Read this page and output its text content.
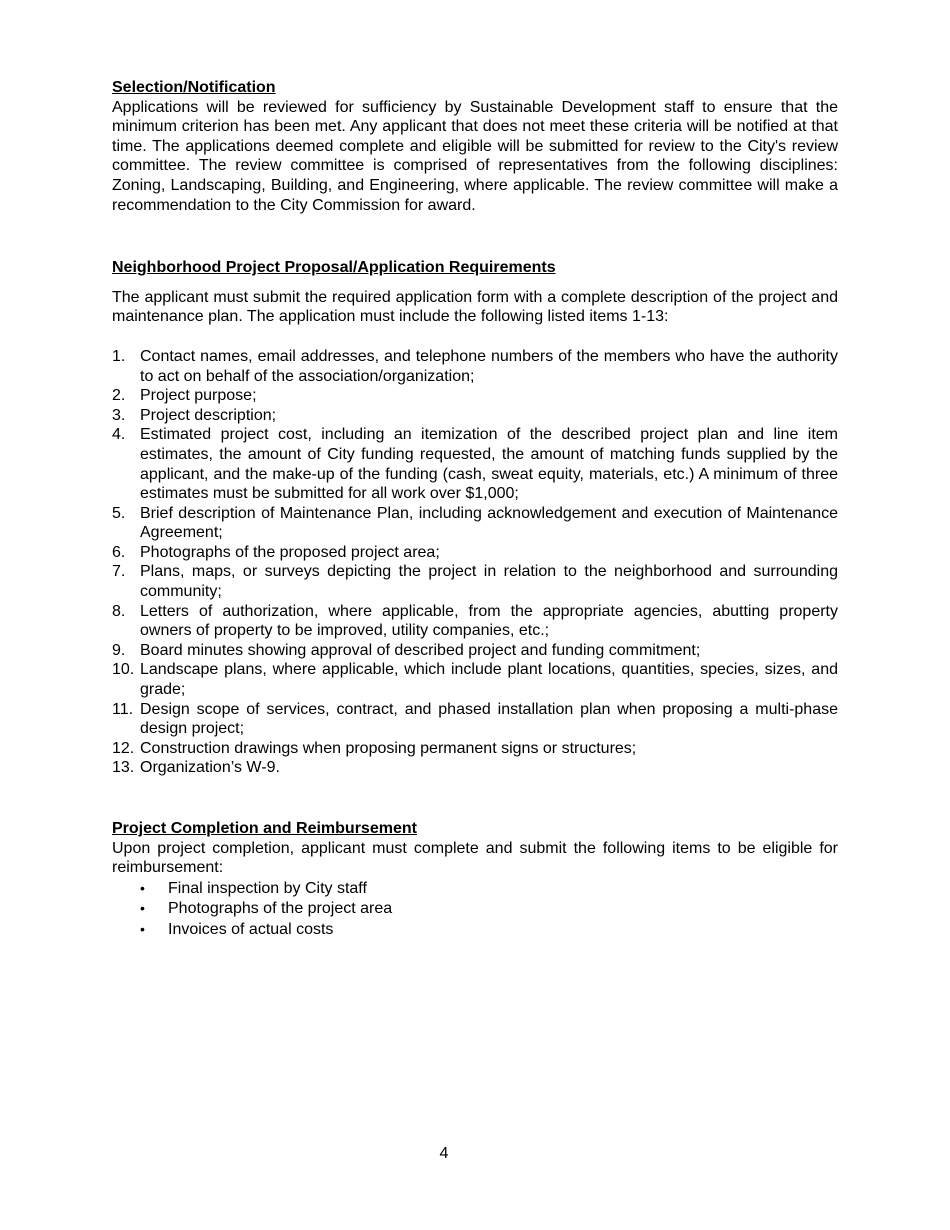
Selection/Notification

Applications will be reviewed for sufficiency by Sustainable Development staff to ensure that the minimum criterion has been met. Any applicant that does not meet these criteria will be notified at that time. The applications deemed complete and eligible will be submitted for review to the City's review committee. The review committee is comprised of representatives from the following disciplines: Zoning, Landscaping, Building, and Engineering, where applicable. The review committee will make a recommendation to the City Commission for award.

Neighborhood Project Proposal/Application Requirements

The applicant must submit the required application form with a complete description of the project and maintenance plan. The application must include the following listed items 1-13:

1. Contact names, email addresses, and telephone numbers of the members who have the authority to act on behalf of the association/organization;
2. Project purpose;
3. Project description;
4. Estimated project cost, including an itemization of the described project plan and line item estimates, the amount of City funding requested, the amount of matching funds supplied by the applicant, and the make-up of the funding (cash, sweat equity, materials, etc.) A minimum of three estimates must be submitted for all work over $1,000;
5. Brief description of Maintenance Plan, including acknowledgement and execution of Maintenance Agreement;
6. Photographs of the proposed project area;
7. Plans, maps, or surveys depicting the project in relation to the neighborhood and surrounding community;
8. Letters of authorization, where applicable, from the appropriate agencies, abutting property owners of property to be improved, utility companies, etc.;
9. Board minutes showing approval of described project and funding commitment;
10. Landscape plans, where applicable, which include plant locations, quantities, species, sizes, and grade;
11. Design scope of services, contract, and phased installation plan when proposing a multi-phase design project;
12. Construction drawings when proposing permanent signs or structures;
13. Organization’s W-9.
Project Completion and Reimbursement

Upon project completion, applicant must complete and submit the following items to be eligible for reimbursement:

•	Final inspection by City staff
•	Photographs of the project area
•	Invoices of actual costs
4
